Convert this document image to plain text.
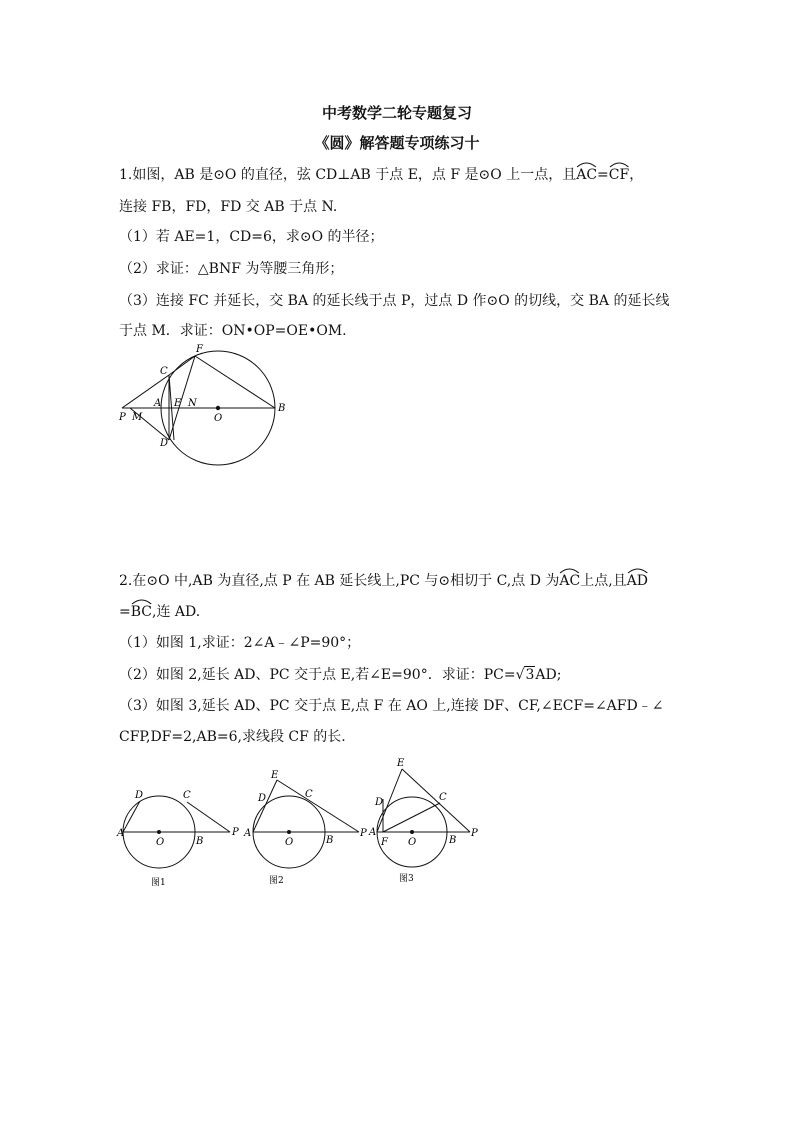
中考数学二轮专题复习
《圆》解答题专项练习十
1.如图，AB 是⊙O 的直径，弦 CD⊥AB 于点 E，点 F 是⊙O 上一点，且
AC=
CF，
连接 FB，FD，FD 交 AB 于点 N.
（1）若 AE=1，CD=6，求⊙O 的半径；
（2）求证：△BNF 为等腰三角形；
（3）连接 FC 并延长，交 BA 的延长线于点 P，过点 D 作⊙O 的切线，交 BA 的延长线
于点 M．求证：ON•OP=OE•OM.
F
C
A E N
O
B
P M
D
2.在⊙O 中,AB 为直径,点 P 在 AB 延长线上,PC 与⊙相切于 C,点 D 为
AC上点,且
AD
=
BC,连 AD.
（1）如图 1,求证：2∠A﹣∠P=90°；
（2）如图 2,延长 AD、PC 交于点 E,若∠E=90°．求证：PC=√3AD;
（3）如图 3,延长 AD、PC 交于点 E,点 F 在 AO 上,连接 DF、CF,∠ECF=∠AFD﹣∠
CFP,DF=2,AB=6,求线段 CF 的长.
D	C
A
O	B
P
图1
E
D	C
A
O	B
P
图2
E
D	C
A
F O	B
P
图3
